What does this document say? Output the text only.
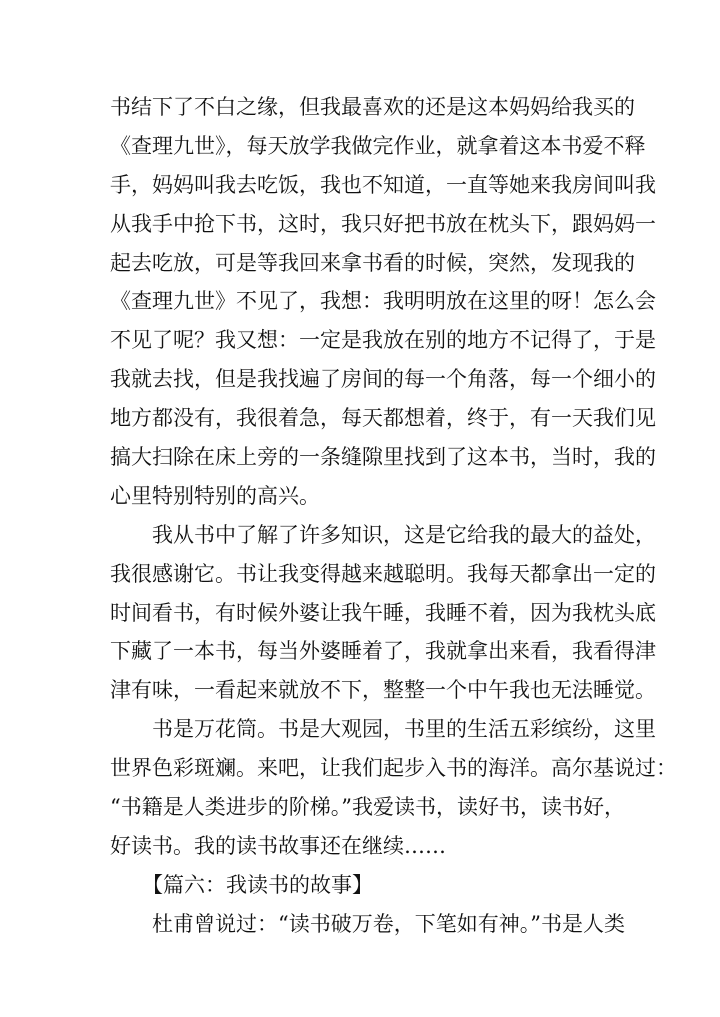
书结下了不白之缘，但我最喜欢的还是这本妈妈给我买的
《查理九世》，每天放学我做完作业，就拿着这本书爱不释
手，妈妈叫我去吃饭，我也不知道，一直等她来我房间叫我
从我手中抢下书，这时，我只好把书放在枕头下，跟妈妈一
起去吃放，可是等我回来拿书看的时候，突然，发现我的
《查理九世》不见了，我想：我明明放在这里的呀！怎么会
不见了呢？我又想：一定是我放在别的地方不记得了，于是
我就去找，但是我找遍了房间的每一个角落，每一个细小的
地方都没有，我很着急，每天都想着，终于，有一天我们见
搞大扫除在床上旁的一条缝隙里找到了这本书，当时，我的
心里特别特别的高兴。
我从书中了解了许多知识，这是它给我的最大的益处，
我很感谢它。书让我变得越来越聪明。我每天都拿出一定的
时间看书，有时候外婆让我午睡，我睡不着，因为我枕头底
下藏了一本书，每当外婆睡着了，我就拿出来看，我看得津
津有味，一看起来就放不下，整整一个中午我也无法睡觉。
书是万花筒。书是大观园，书里的生活五彩缤纷，这里
世界色彩斑斓。来吧，让我们起步入书的海洋。高尔基说过：
“书籍是人类进步的阶梯。”我爱读书，读好书，读书好，
好读书。我的读书故事还在继续……
【篇六：我读书的故事】
杜甫曾说过：“读书破万卷，下笔如有神。”书是人类
